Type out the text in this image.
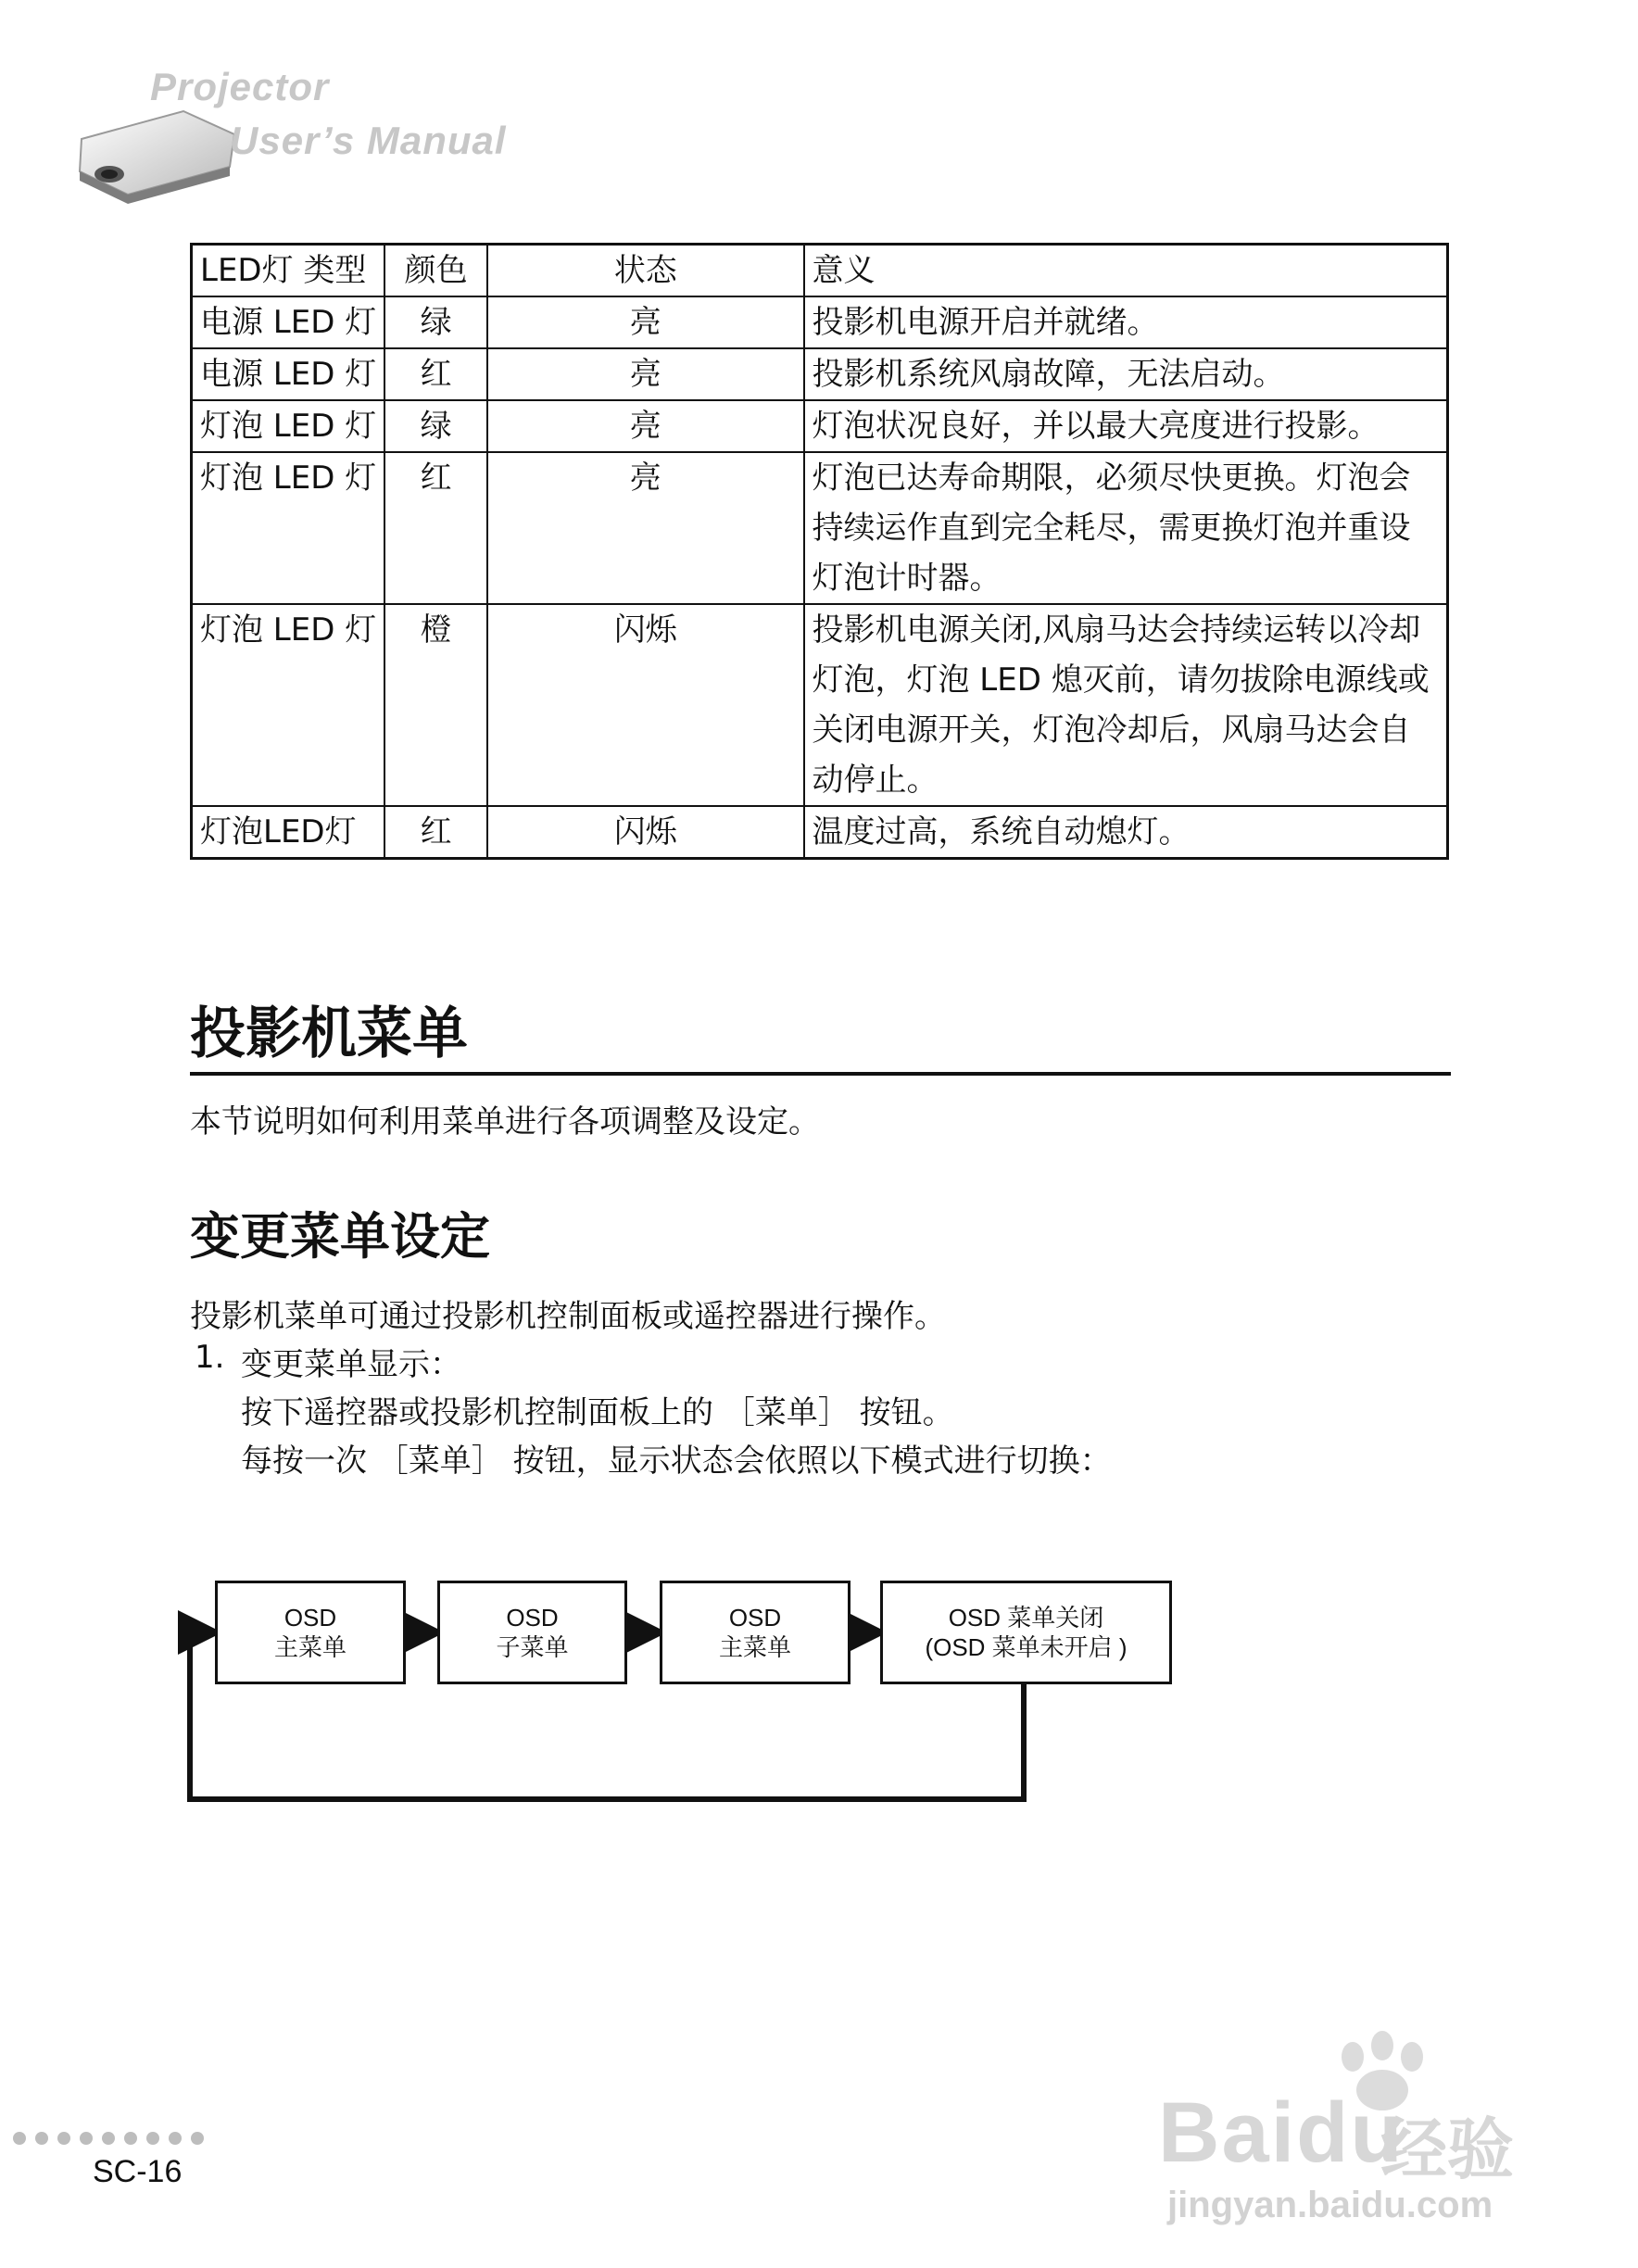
Projector
User’s Manual
LED灯 类型	颜色	状态	意义
电源 LED 灯	绿	亮	投影机电源开启并就绪。
电源 LED 灯	红	亮	投影机系统风扇故障，无法启动。
灯泡 LED 灯	绿	亮	灯泡状况良好，并以最大亮度进行投影。
灯泡 LED 灯	红	亮	灯泡已达寿命期限，必须尽快更换。灯泡会持续运作直到完全耗尽，需更换灯泡并重设灯泡计时器。
灯泡 LED 灯	橙	闪烁	投影机电源关闭,风扇马达会持续运转以冷却灯泡，灯泡 LED 熄灭前，请勿拔除电源线或关闭电源开关，灯泡冷却后，风扇马达会自动停止。
灯泡LED灯	红	闪烁	温度过高，系统自动熄灯。
投影机菜单

本节说明如何利用菜单进行各项调整及设定。

变更菜单设定

投影机菜单可通过投影机控制面板或遥控器进行操作。

1. 变更菜单显示：

按下遥控器或投影机控制面板上的 ［菜单］ 按钮。

每按一次 ［菜单］ 按钮，显示状态会依照以下模式进行切换：

OSD
主菜单
OSD
子菜单
OSD
主菜单
OSD 菜单关闭
(OSD 菜单未开启 )
SC-16	Baidu
经验
jingyan.baidu.com
